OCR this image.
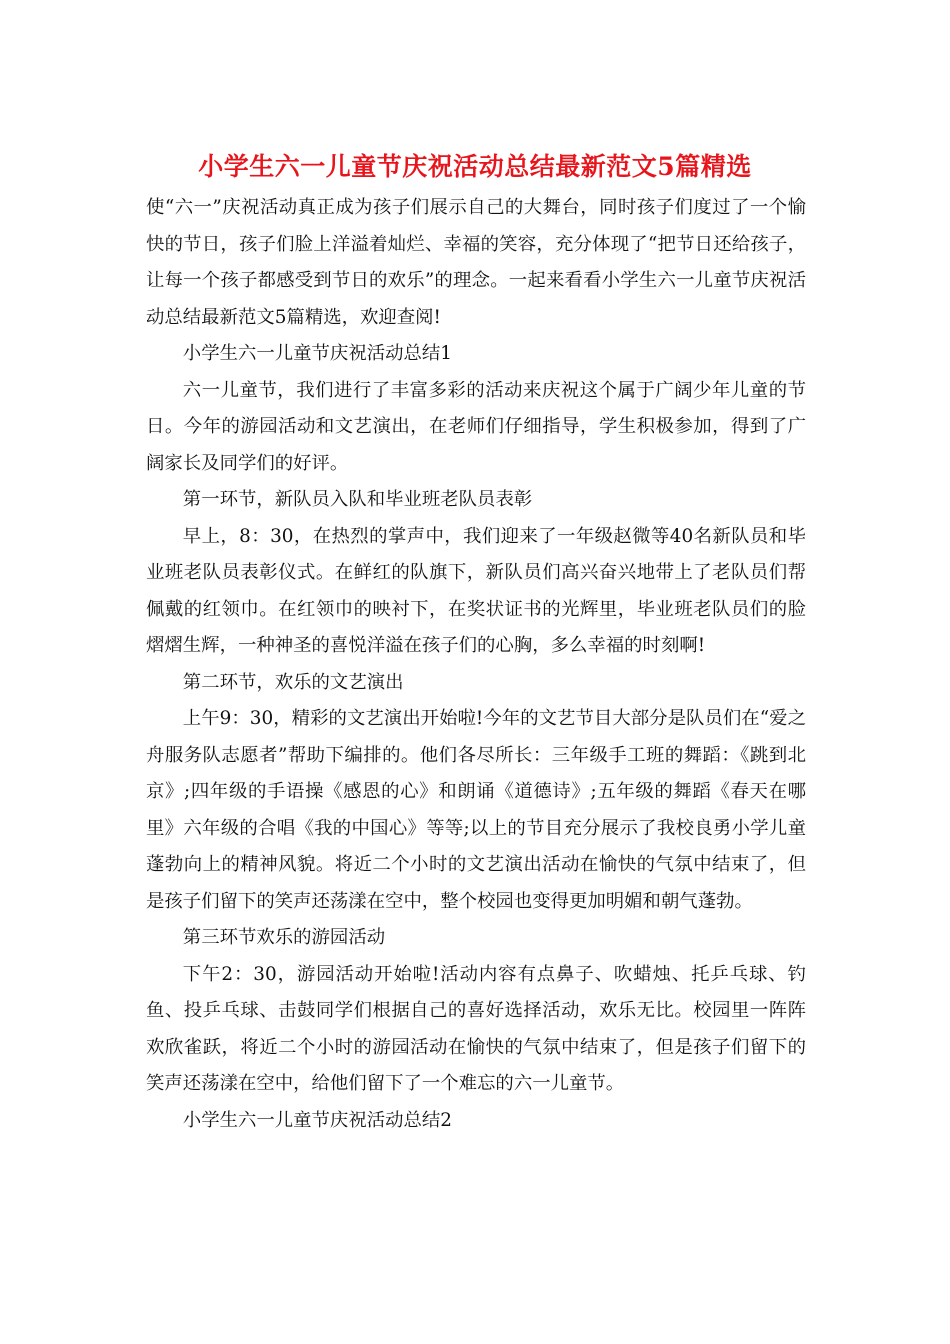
小学生六一儿童节庆祝活动总结最新范文5篇精选

使“六一”庆祝活动真正成为孩子们展示自己的大舞台，同时孩子们度过了一个愉快的节日，孩子们脸上洋溢着灿烂、幸福的笑容，充分体现了“把节日还给孩子，让每一个孩子都感受到节日的欢乐”的理念。一起来看看小学生六一儿童节庆祝活动总结最新范文5篇精选，欢迎查阅!

小学生六一儿童节庆祝活动总结1

六一儿童节，我们进行了丰富多彩的活动来庆祝这个属于广阔少年儿童的节日。今年的游园活动和文艺演出，在老师们仔细指导，学生积极参加，得到了广阔家长及同学们的好评。

第一环节，新队员入队和毕业班老队员表彰

早上，8：30，在热烈的掌声中，我们迎来了一年级赵微等40名新队员和毕业班老队员表彰仪式。在鲜红的队旗下，新队员们高兴奋兴地带上了老队员们帮佩戴的红领巾。在红领巾的映衬下，在奖状证书的光辉里，毕业班老队员们的脸熠熠生辉，一种神圣的喜悦洋溢在孩子们的心胸，多么幸福的时刻啊!

第二环节，欢乐的文艺演出

上午9：30，精彩的文艺演出开始啦!今年的文艺节目大部分是队员们在“爱之舟服务队志愿者”帮助下编排的。他们各尽所长：三年级手工班的舞蹈：《跳到北京》;四年级的手语操《感恩的心》和朗诵《道德诗》;五年级的舞蹈《春天在哪里》六年级的合唱《我的中国心》等等;以上的节目充分展示了我校良勇小学儿童蓬勃向上的精神风貌。将近二个小时的文艺演出活动在愉快的气氛中结束了，但是孩子们留下的笑声还荡漾在空中，整个校园也变得更加明媚和朝气蓬勃。

第三环节欢乐的游园活动

下午2：30，游园活动开始啦!活动内容有点鼻子、吹蜡烛、托乒乓球、钓鱼、投乒乓球、击鼓同学们根据自己的喜好选择活动，欢乐无比。校园里一阵阵欢欣雀跃，将近二个小时的游园活动在愉快的气氛中结束了，但是孩子们留下的笑声还荡漾在空中，给他们留下了一个难忘的六一儿童节。

小学生六一儿童节庆祝活动总结2
